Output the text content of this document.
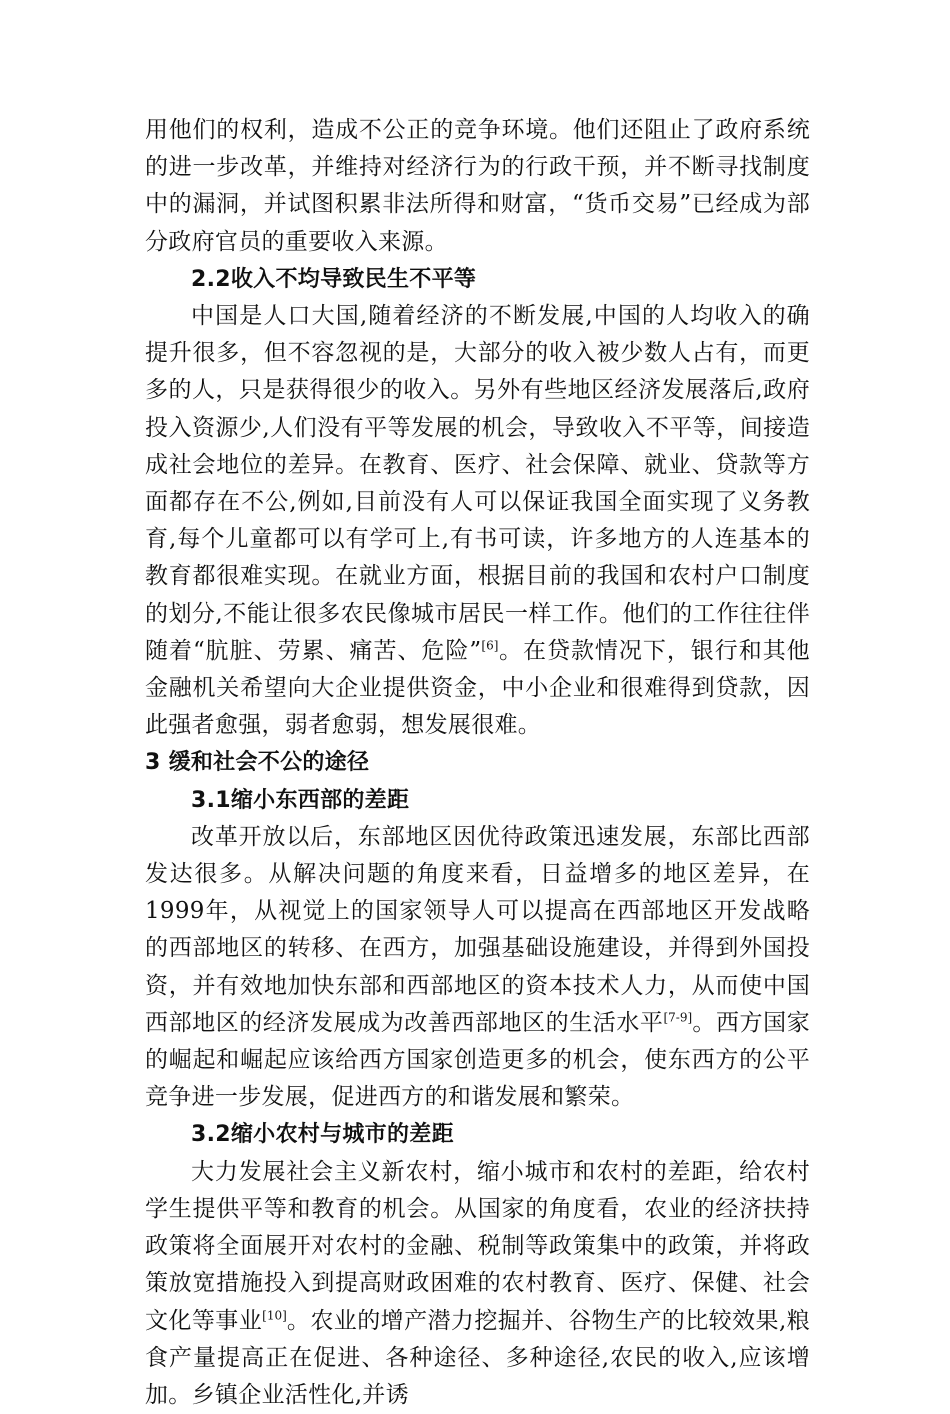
用他们的权利，造成不公正的竞争环境。他们还阻止了政府系统的进一步改革，并维持对经济行为的行政干预，并不断寻找制度中的漏洞，并试图积累非法所得和财富，“货币交易”已经成为部分政府官员的重要收入来源。

2.2收入不均导致民生不平等

中国是人口大国,随着经济的不断发展,中国的人均收入的确提升很多，但不容忽视的是，大部分的收入被少数人占有，而更多的人，只是获得很少的收入。另外有些地区经济发展落后,政府投入资源少,人们没有平等发展的机会，导致收入不平等，间接造成社会地位的差异。在教育、医疗、社会保障、就业、贷款等方面都存在不公,例如,目前没有人可以保证我国全面实现了义务教育,每个儿童都可以有学可上,有书可读，许多地方的人连基本的教育都很难实现。在就业方面，根据目前的我国和农村户口制度的划分,不能让很多农民像城市居民一样工作。他们的工作往往伴随着“肮脏、劳累、痛苦、危险”[6]。在贷款情况下，银行和其他金融机关希望向大企业提供资金，中小企业和很难得到贷款，因此强者愈强，弱者愈弱，想发展很难。

3 缓和社会不公的途径

3.1缩小东西部的差距

改革开放以后，东部地区因优待政策迅速发展，东部比西部发达很多。从解决问题的角度来看，日益增多的地区差异，在1999年，从视觉上的国家领导人可以提高在西部地区开发战略的西部地区的转移、在西方，加强基础设施建设，并得到外国投资，并有效地加快东部和西部地区的资本技术人力，从而使中国西部地区的经济发展成为改善西部地区的生活水平[7-9]。西方国家的崛起和崛起应该给西方国家创造更多的机会，使东西方的公平竞争进一步发展，促进西方的和谐发展和繁荣。

3.2缩小农村与城市的差距

大力发展社会主义新农村，缩小城市和农村的差距，给农村学生提供平等和教育的机会。从国家的角度看，农业的经济扶持政策将全面展开对农村的金融、税制等政策集中的政策，并将政策放宽措施投入到提高财政困难的农村教育、医疗、保健、社会文化等事业[10]。农业的增产潜力挖掘并、谷物生产的比较效果,粮食产量提高正在促进、各种途径、多种途径,农民的收入,应该增加。乡镇企业活性化,并诱
